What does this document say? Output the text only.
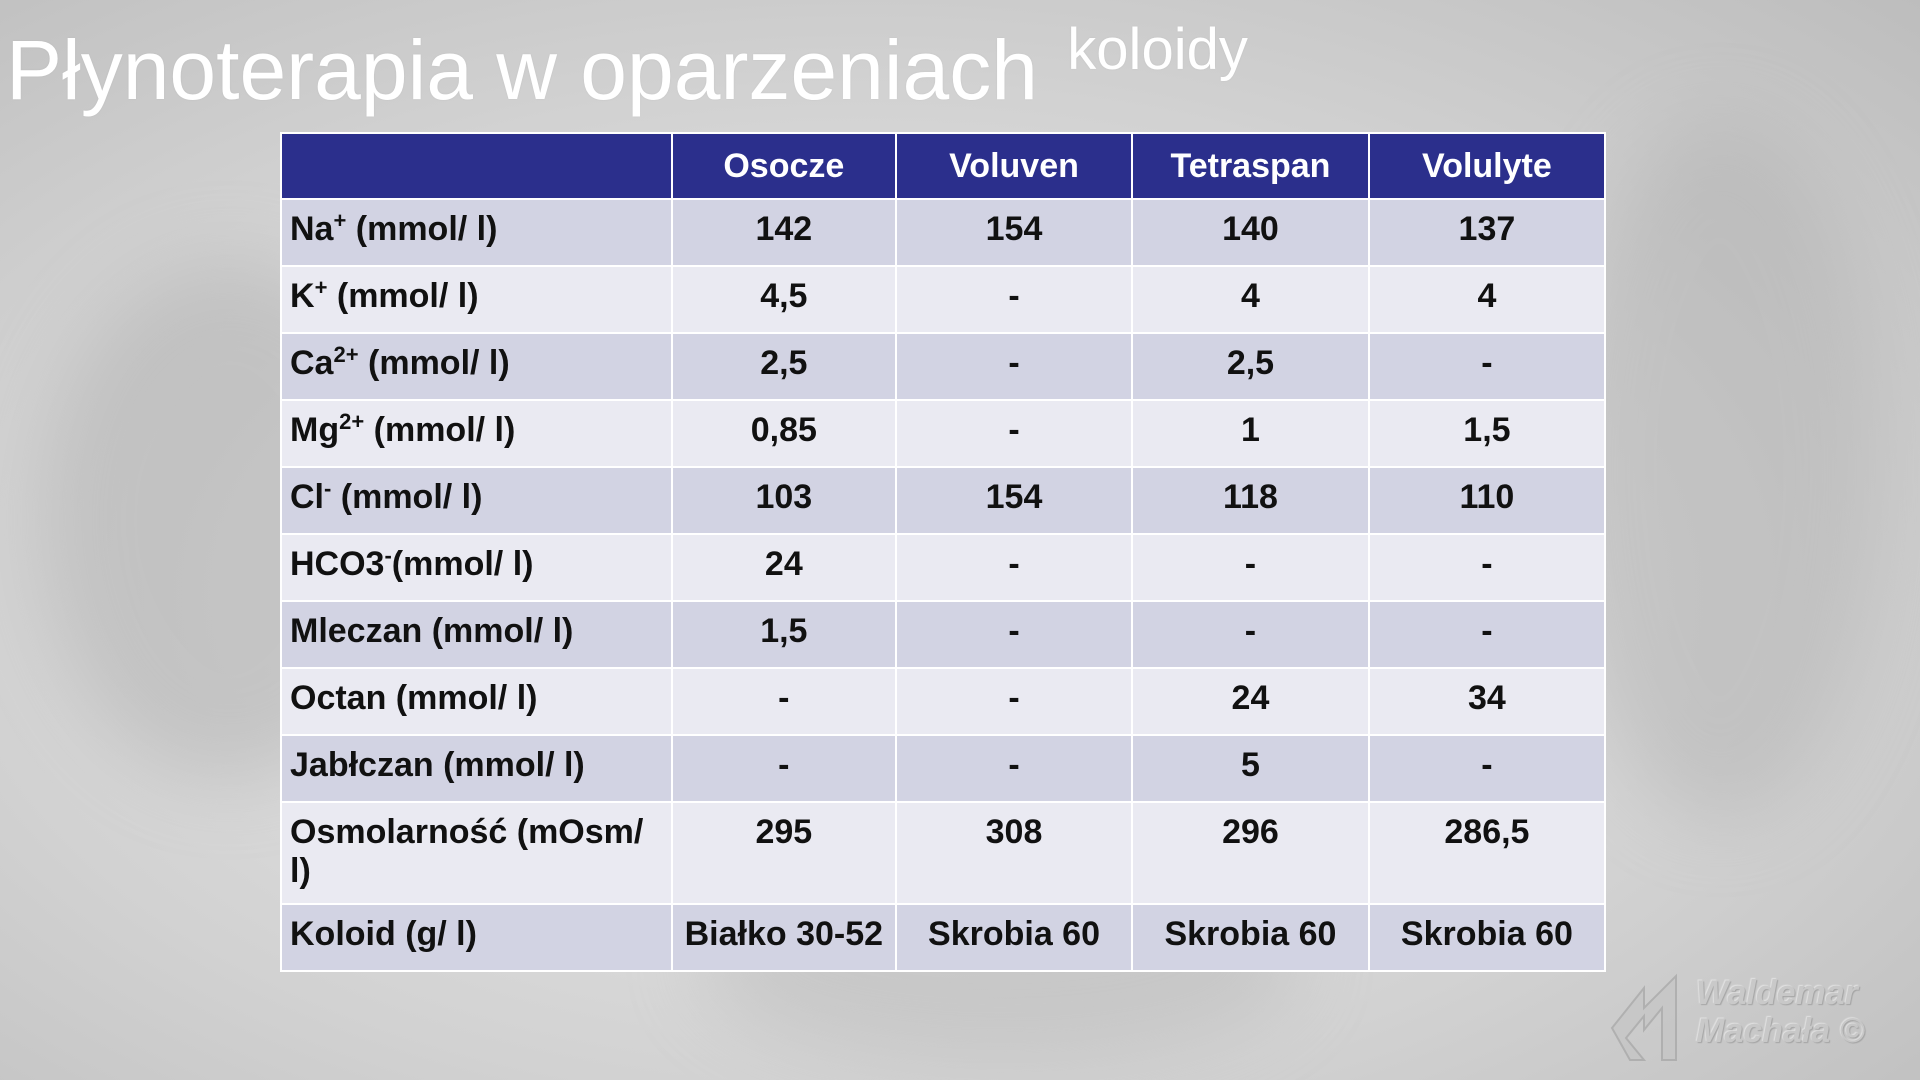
Płynoterapia w oparzeniach $^{koloidy}$
	Osocze	Voluven	Tetraspan	Volulyte
Na+ (mmol/ l)	142	154	140	137
K+ (mmol/ l)	4,5	-	4	4
$Ca^{2+}$ (mmol/ l)	2,5	-	2,5	-
$Mg^{2+}$ (mmol/ l)	0,85	-	1	1,5
Cl- (mmol/ l)	103	154	118	110
HCO3-(mmol/ l)	24	-	-	-
Mleczan (mmol/ l)	1,5	-	-	-
Octan (mmol/ l)	-	-	24	34
Jabłczan (mmol/ l)	-	-	5	-
Osmolarność (mOsm/ l)	295	308	296	286,5
Koloid (g/ l)	Białko 30-52	Skrobia 60	Skrobia 60	Skrobia 60
Waldemar
Machała ©
